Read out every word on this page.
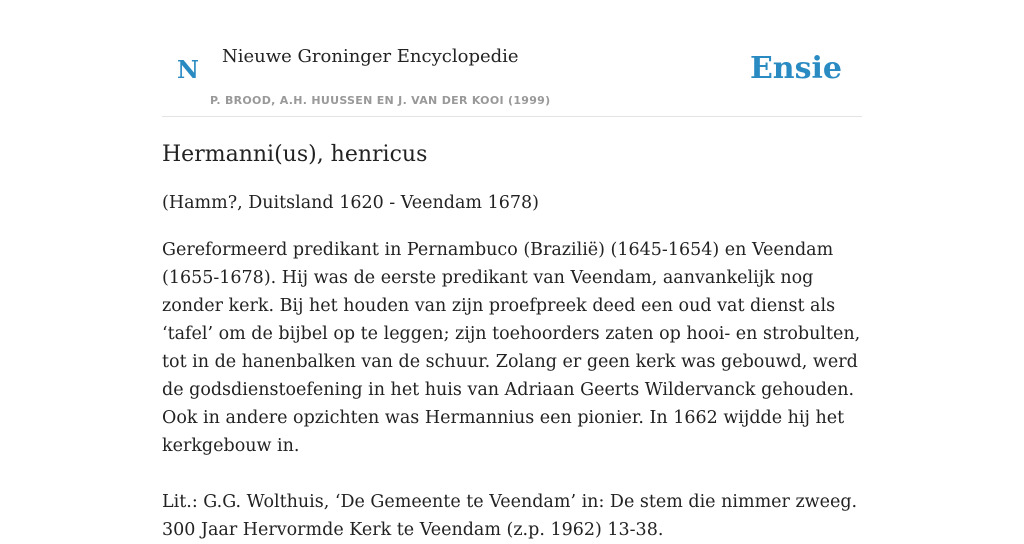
N Nieuwe Groninger Encyclopedie
P. BROOD, A.H. HUUSSEN EN J. VAN DER KOOI (1999)
Ensie
Hermanni(us), henricus

(Hamm?, Duitsland 1620 - Veendam 1678)

Gereformeerd predikant in Pernambuco (Brazilië) (1645-1654) en Veendam (1655-1678). Hij was de eerste predikant van Veendam, aanvankelijk nog zonder kerk. Bij het houden van zijn proefpreek deed een oud vat dienst als ‘tafel’ om de bijbel op te leggen; zijn toehoorders zaten op hooi- en strobulten, tot in de hanenbalken van de schuur. Zolang er geen kerk was gebouwd, werd de godsdienstoefening in het huis van Adriaan Geerts Wildervanck gehouden. Ook in andere opzichten was Hermannius een pionier. In 1662 wijdde hij het kerkgebouw in.

Lit.: G.G. Wolthuis, ‘De Gemeente te Veendam’ in: De stem die nimmer zweeg. 300 Jaar Hervormde Kerk te Veendam (z.p. 1962) 13-38.
